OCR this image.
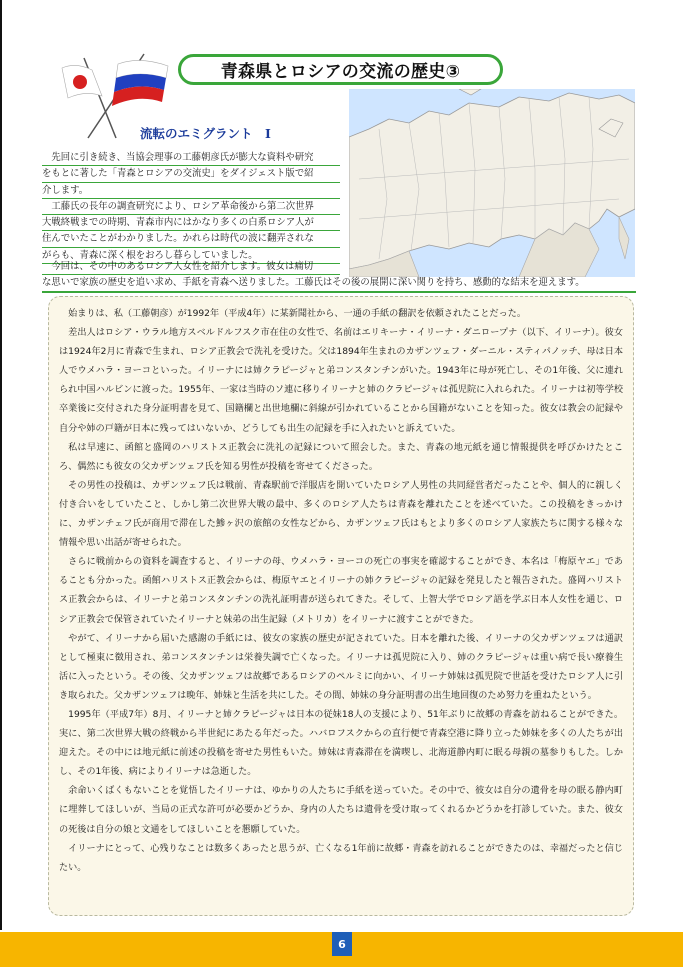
青森県とロシアの交流の歴史③
流転のエミグラント　Ⅰ
先回に引き続き、当協会理事の工藤朝彦氏が膨大な資料や研究
をもとに著した「青森とロシアの交流史」をダイジェスト版で紹
介します。
工藤氏の長年の調査研究により、ロシア革命後から第二次世界
大戦終戦までの時期、青森市内にはかなり多くの白系ロシア人が
住んでいたことがわかりました。かれらは時代の波に翻弄されな
がらも、青森に深く根をおろし暮らしていました。
今回は、その中のあるロシア人女性を紹介します。彼女は痛切
な思いで家族の歴史を追い求め、手紙を青森へ送りました。工藤氏はその後の展開に深い関りを持ち、感動的な結末を迎えます。

始まりは、私（工藤朝彦）が1992年（平成4年）に某新聞社から、一通の手紙の翻訳を依頼されたことだった。

差出人はロシア・ウラル地方スベルドルフスク市在住の女性で、名前はエリキーナ・イリーナ・ダニロープナ（以下、イリーナ）。彼女は1924年2月に青森で生まれ、ロシア正教会で洗礼を受けた。父は1894年生まれのカザンツェフ・ダーニル・スティパノッチ、母は日本人でウメハラ・ヨーコといった。イリーナには姉クラピージャと弟コンスタンチンがいた。1943年に母が死亡し、その1年後、父に連れられ中国ハルビンに渡った。1955年、一家は当時のソ連に移りイリーナと姉のクラピージャは孤児院に入れられた。イリーナは初等学校卒業後に交付された身分証明書を見て、国籍欄と出世地欄に斜線が引かれていることから国籍がないことを知った。彼女は教会の記録や自分や姉の戸籍が日本に残ってはいないか、どうしても出生の記録を手に入れたいと訴えていた。

私は早速に、函館と盛岡のハリストス正教会に洗礼の記録について照会した。また、青森の地元紙を通じ情報提供を呼びかけたところ、偶然にも彼女の父カザンツェフ氏を知る男性が投稿を寄せてくださった。

その男性の投稿は、カザンツェフ氏は戦前、青森駅前で洋服店を開いていたロシア人男性の共同経営者だったことや、個人的に親しく付き合いをしていたこと、しかし第二次世界大戦の最中、多くのロシア人たちは青森を離れたことを述べていた。この投稿をきっかけに、カザンチェフ氏が商用で滞在した鯵ヶ沢の旅館の女性などから、カザンツェフ氏はもとより多くのロシア人家族たちに関する様々な情報や思い出話が寄せられた。

さらに戦前からの資料を調査すると、イリーナの母、ウメハラ・ヨーコの死亡の事実を確認することができ、本名は「梅原ヤエ」であることも分かった。函館ハリストス正教会からは、梅原ヤエとイリーナの姉クラピージャの記録を発見したと報告された。盛岡ハリストス正教会からは、イリーナと弟コンスタンチンの洗礼証明書が送られてきた。そして、上智大学でロシア語を学ぶ日本人女性を通じ、ロシア正教会で保管されていたイリーナと妹弟の出生記録（メトリカ）をイリーナに渡すことができた。

やがて、イリーナから届いた感謝の手紙には、彼女の家族の歴史が記されていた。日本を離れた後、イリーナの父カザンツェフは通訳として極東に徴用され、弟コンスタンチンは栄養失調で亡くなった。イリーナは孤児院に入り、姉のクラピージャは重い病で長い療養生活に入ったという。その後、父カザンツェフは故郷であるロシアのペルミに向かい、イリーナ姉妹は孤児院で世話を受けたロシア人に引き取られた。父カザンツェフは晩年、姉妹と生活を共にした。その間、姉妹の身分証明書の出生地回復のため努力を重ねたという。

1995年（平成7年）8月、イリーナと姉クラピージャは日本の従妹18人の支援により、51年ぶりに故郷の青森を訪ねることができた。実に、第二次世界大戦の終戦から半世紀にあたる年だった。ハバロフスクからの直行便で青森空港に降り立った姉妹を多くの人たちが出迎えた。その中には地元紙に前述の投稿を寄せた男性もいた。姉妹は青森滞在を満喫し、北海道静内町に眠る母親の墓参りもした。しかし、その1年後、病によりイリーナは急逝した。

余命いくばくもないことを覚悟したイリーナは、ゆかりの人たちに手紙を送っていた。その中で、彼女は自分の遺骨を母の眠る静内町に埋葬してほしいが、当局の正式な許可が必要かどうか、身内の人たちは遺骨を受け取ってくれるかどうかを打診していた。また、彼女の死後は自分の娘と文通をしてほしいことを懇願していた。

イリーナにとって、心残りなことは数多くあったと思うが、亡くなる1年前に故郷・青森を訪れることができたのは、幸福だったと信じたい。

6
